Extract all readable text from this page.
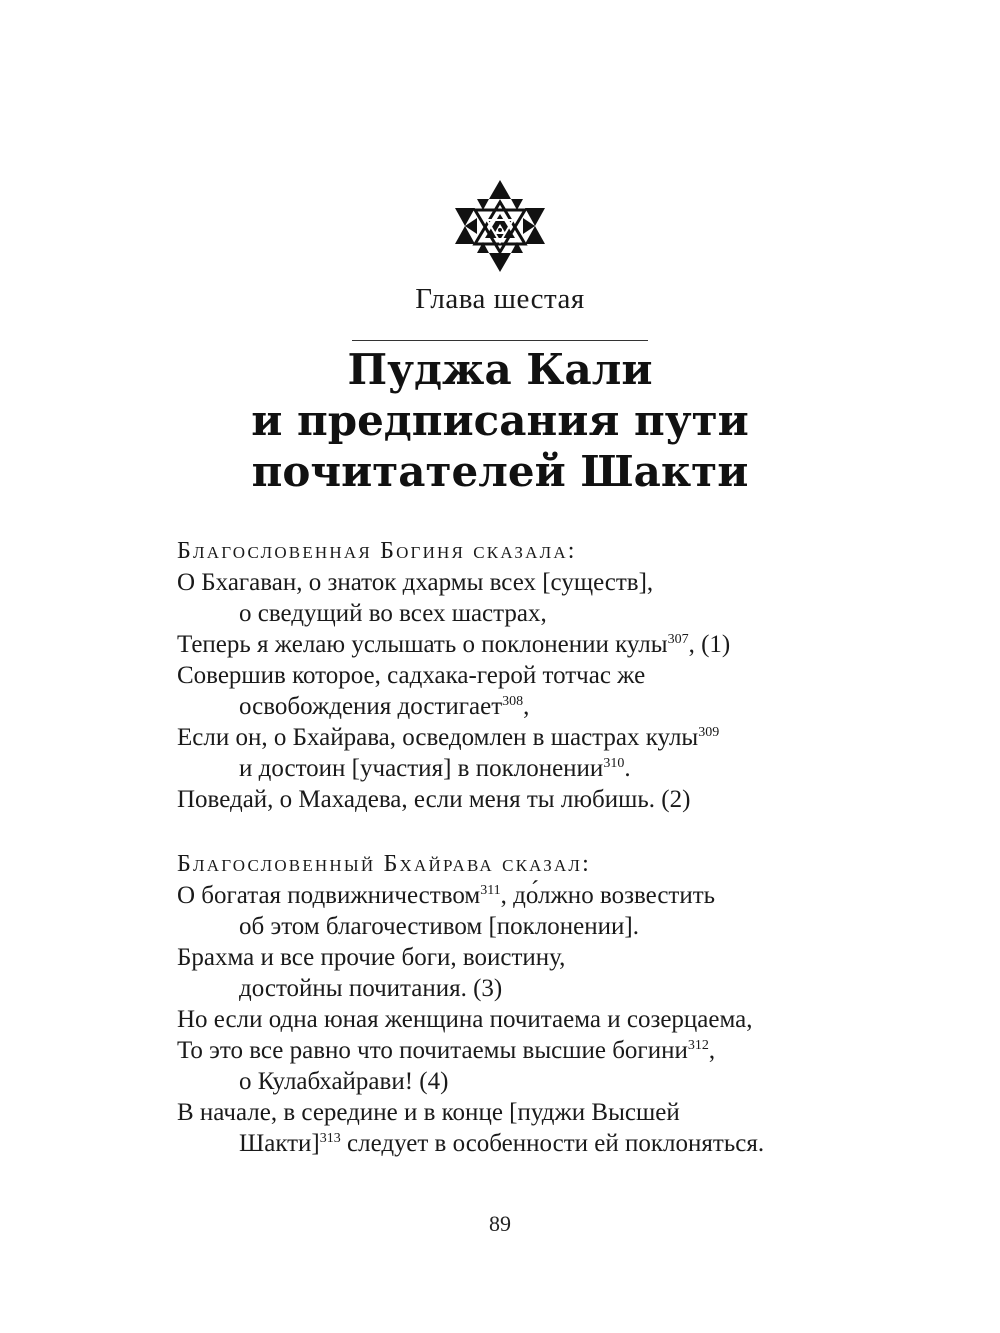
Глава шестая
Пуджа Кали
и предписания пути
почитателей Шакти
Благословенная Богиня сказала:
О Бхагаван, о знаток дхармы всех [существ],
о сведущий во всех шастрах,
Теперь я желаю услышать о поклонении кулы$^{307}$, (1)
Совершив которое, садхака-герой тотчас же
освобождения достигает$^{308}$,
Если он, о Бхайрава, осведомлен в шастрах кулы$^{309}$
и достоин [участия] в поклонении$^{310}$.
Поведай, о Махадева, если меня ты любишь. (2)
Благословенный Бхайрава сказал:
О богатая подвижничеством$^{311}$, до́лжно возвестить
об этом благочестивом [поклонении].
Брахма и все прочие боги, воистину,
достойны почитания. (3)
Но если одна юная женщина почитаема и созерцаема,
То это все равно что почитаемы высшие богини$^{312}$,
о Кулабхайрави! (4)
В начале, в середине и в конце [пуджи Высшей
Шакти]$^{313}$ следует в особенности ей поклоняться.
89
